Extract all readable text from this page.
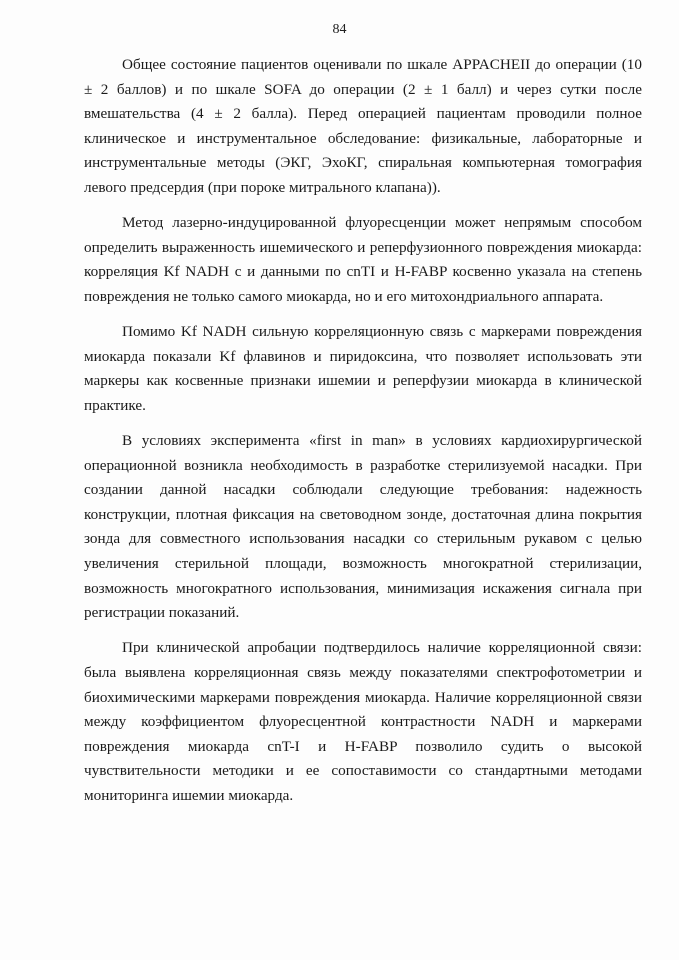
84

Общее состояние пациентов оценивали по шкале APPACHEII до операции (10 ± 2 баллов) и по шкале SOFA до операции (2 ± 1 балл) и через сутки после вмешательства (4 ± 2 балла). Перед операцией пациентам проводили полное клиническое и инструментальное обследование: физикальные, лабораторные и инструментальные методы (ЭКГ, ЭхоКГ, спиральная компьютерная томография левого предсердия (при пороке митрального клапана)).

Метод лазерно-индуцированной флуоресценции может непрямым способом определить выраженность ишемического и реперфузионного повреждения миокарда: корреляция Kf NADH с и данными по cnTI и H-FABP косвенно указала на степень повреждения не только самого миокарда, но и его митохондриального аппарата.

Помимо Kf NADH сильную корреляционную связь с маркерами повреждения миокарда показали Kf флавинов и пиридоксина, что позволяет использовать эти маркеры как косвенные признаки ишемии и реперфузии миокарда в клинической практике.

В условиях эксперимента «first in man» в условиях кардиохирургической операционной возникла необходимость в разработке стерилизуемой насадки. При создании данной насадки соблюдали следующие требования: надежность конструкции, плотная фиксация на световодном зонде, достаточная длина покрытия зонда для совместного использования насадки со стерильным рукавом с целью увеличения стерильной площади, возможность многократной стерилизации, возможность многократного использования, минимизация искажения сигнала при регистрации показаний.

При клинической апробации подтвердилось наличие корреляционной связи: была выявлена корреляционная связь между показателями спектрофотометрии и биохимическими маркерами повреждения миокарда. Наличие корреляционной связи между коэффициентом флуоресцентной контрастности NADH и маркерами повреждения миокарда cnT-I и H-FABP позволило судить о высокой чувствительности методики и ее сопоставимости со стандартными методами мониторинга ишемии миокарда.
